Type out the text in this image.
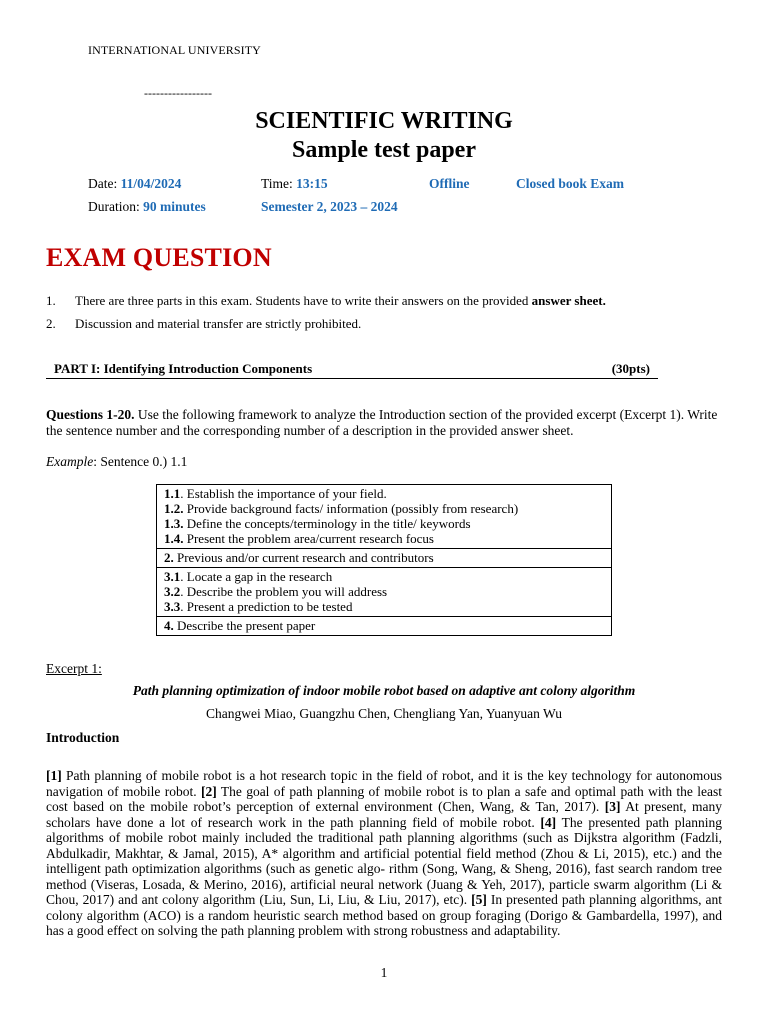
INTERNATIONAL UNIVERSITY
-----------------
SCIENTIFIC WRITING
Sample test paper
Date: 11/04/2024	Time: 13:15	Offline	Closed book Exam
Duration: 90 minutes	Semester 2, 2023 – 2024
EXAM QUESTION
1. There are three parts in this exam. Students have to write their answers on the provided answer sheet.
2. Discussion and material transfer are strictly prohibited.
PART I: Identifying Introduction Components	(30pts)
Questions 1-20. Use the following framework to analyze the Introduction section of the provided excerpt (Excerpt 1). Write the sentence number and the corresponding number of a description in the provided answer sheet.
Example: Sentence 0.) 1.1
1.1. Establish the importance of your field.
1.2. Provide background facts/ information (possibly from research)
1.3. Define the concepts/terminology in the title/ keywords
1.4. Present the problem area/current research focus
2. Previous and/or current research and contributors
3.1. Locate a gap in the research
3.2. Describe the problem you will address
3.3. Present a prediction to be tested
4. Describe the present paper
Excerpt 1:
Path planning optimization of indoor mobile robot based on adaptive ant colony algorithm
Changwei Miao, Guangzhu Chen, Chengliang Yan, Yuanyuan Wu
Introduction
[1] Path planning of mobile robot is a hot research topic in the field of robot, and it is the key technology for autonomous navigation of mobile robot. [2] The goal of path planning of mobile robot is to plan a safe and optimal path with the least cost based on the mobile robot’s perception of external environment (Chen, Wang, & Tan, 2017). [3] At present, many scholars have done a lot of research work in the path planning field of mobile robot. [4] The presented path planning algorithms of mobile robot mainly included the traditional path planning algorithms (such as Dijkstra algorithm (Fadzli, Abdulkadir, Makhtar, & Jamal, 2015), A* algorithm and artificial potential field method (Zhou & Li, 2015), etc.) and the intelligent path optimization algorithms (such as genetic algo- rithm (Song, Wang, & Sheng, 2016), fast search random tree method (Viseras, Losada, & Merino, 2016), artificial neural network (Juang & Yeh, 2017), particle swarm algorithm (Li & Chou, 2017) and ant colony algorithm (Liu, Sun, Li, Liu, & Liu, 2017), etc). [5] In presented path planning algorithms, ant colony algorithm (ACO) is a random heuristic search method based on group foraging (Dorigo & Gambardella, 1997), and has a good effect on solving the path planning problem with strong robustness and adaptability.
1
